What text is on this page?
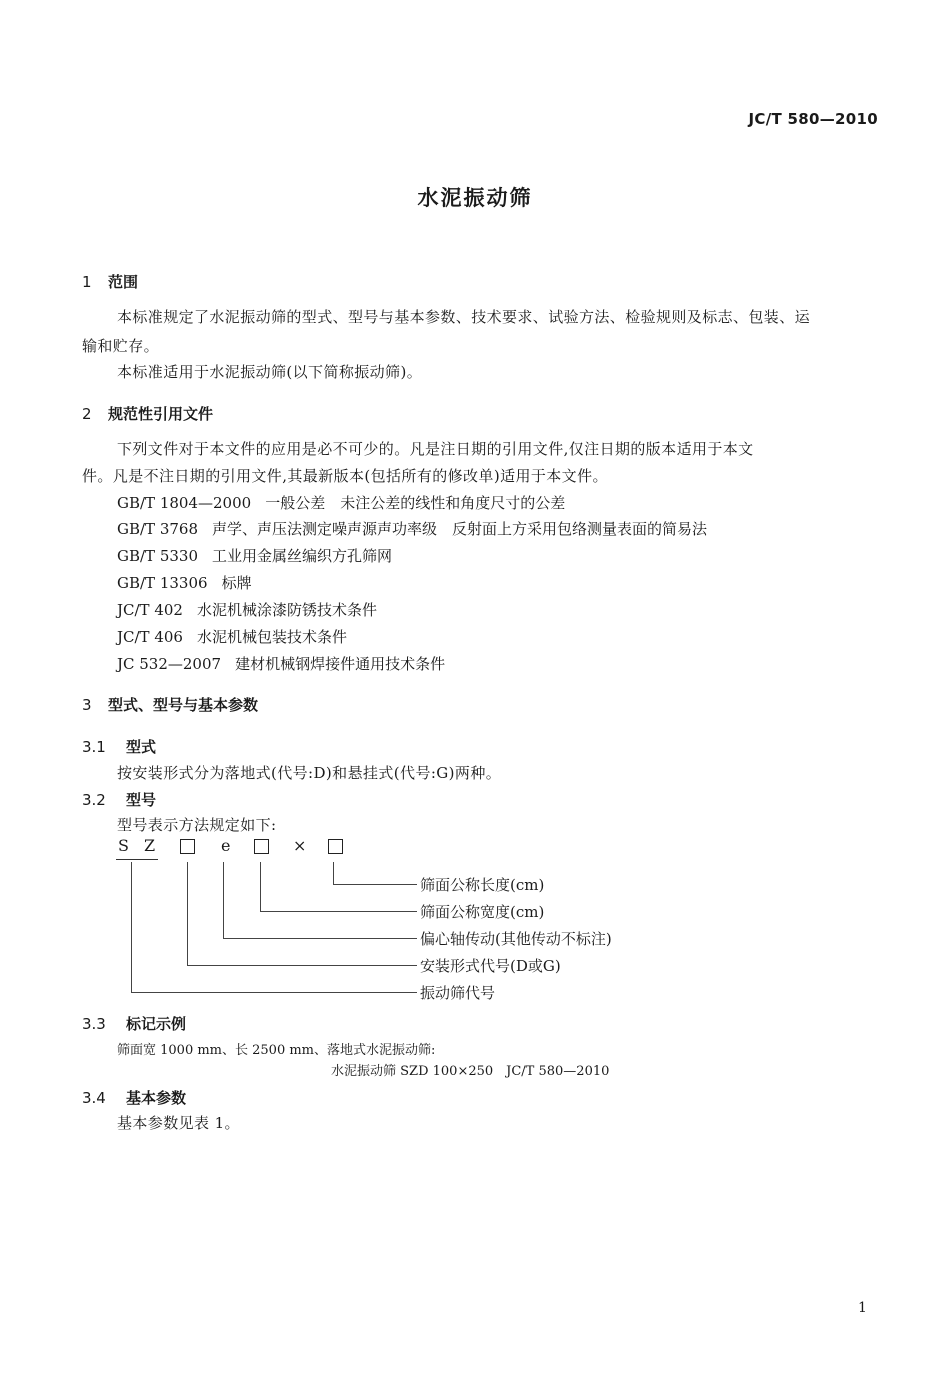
JC/T 580—2010
水泥振动筛
1 范围
本标准规定了水泥振动筛的型式、型号与基本参数、技术要求、试验方法、检验规则及标志、包装、运
输和贮存。
本标准适用于水泥振动筛(以下简称振动筛)。
2 规范性引用文件
下列文件对于本文件的应用是必不可少的。凡是注日期的引用文件,仅注日期的版本适用于本文
件。凡是不注日期的引用文件,其最新版本(包括所有的修改单)适用于本文件。
GB/T 1804—2000 一般公差　未注公差的线性和角度尺寸的公差
GB/T 3768 声学、声压法测定噪声源声功率级　反射面上方采用包络测量表面的简易法
GB/T 5330 工业用金属丝编织方孔筛网
GB/T 13306 标牌
JC/T 402 水泥机械涂漆防锈技术条件
JC/T 406 水泥机械包装技术条件
JC 532—2007 建材机械钢焊接件通用技术条件
3 型式、型号与基本参数
3.1 型式
按安装形式分为落地式(代号:D)和悬挂式(代号:G)两种。
3.2 型号
型号表示方法规定如下:
S Z	e	×
筛面公称长度(cm)
筛面公称宽度(cm)
偏心轴传动(其他传动不标注)
安装形式代号(D或G)
振动筛代号
3.3 标记示例
筛面宽 1000 mm、长 2500 mm、落地式水泥振动筛:
水泥振动筛 SZD 100×250　JC/T 580—2010
3.4 基本参数
基本参数见表 1。
1
